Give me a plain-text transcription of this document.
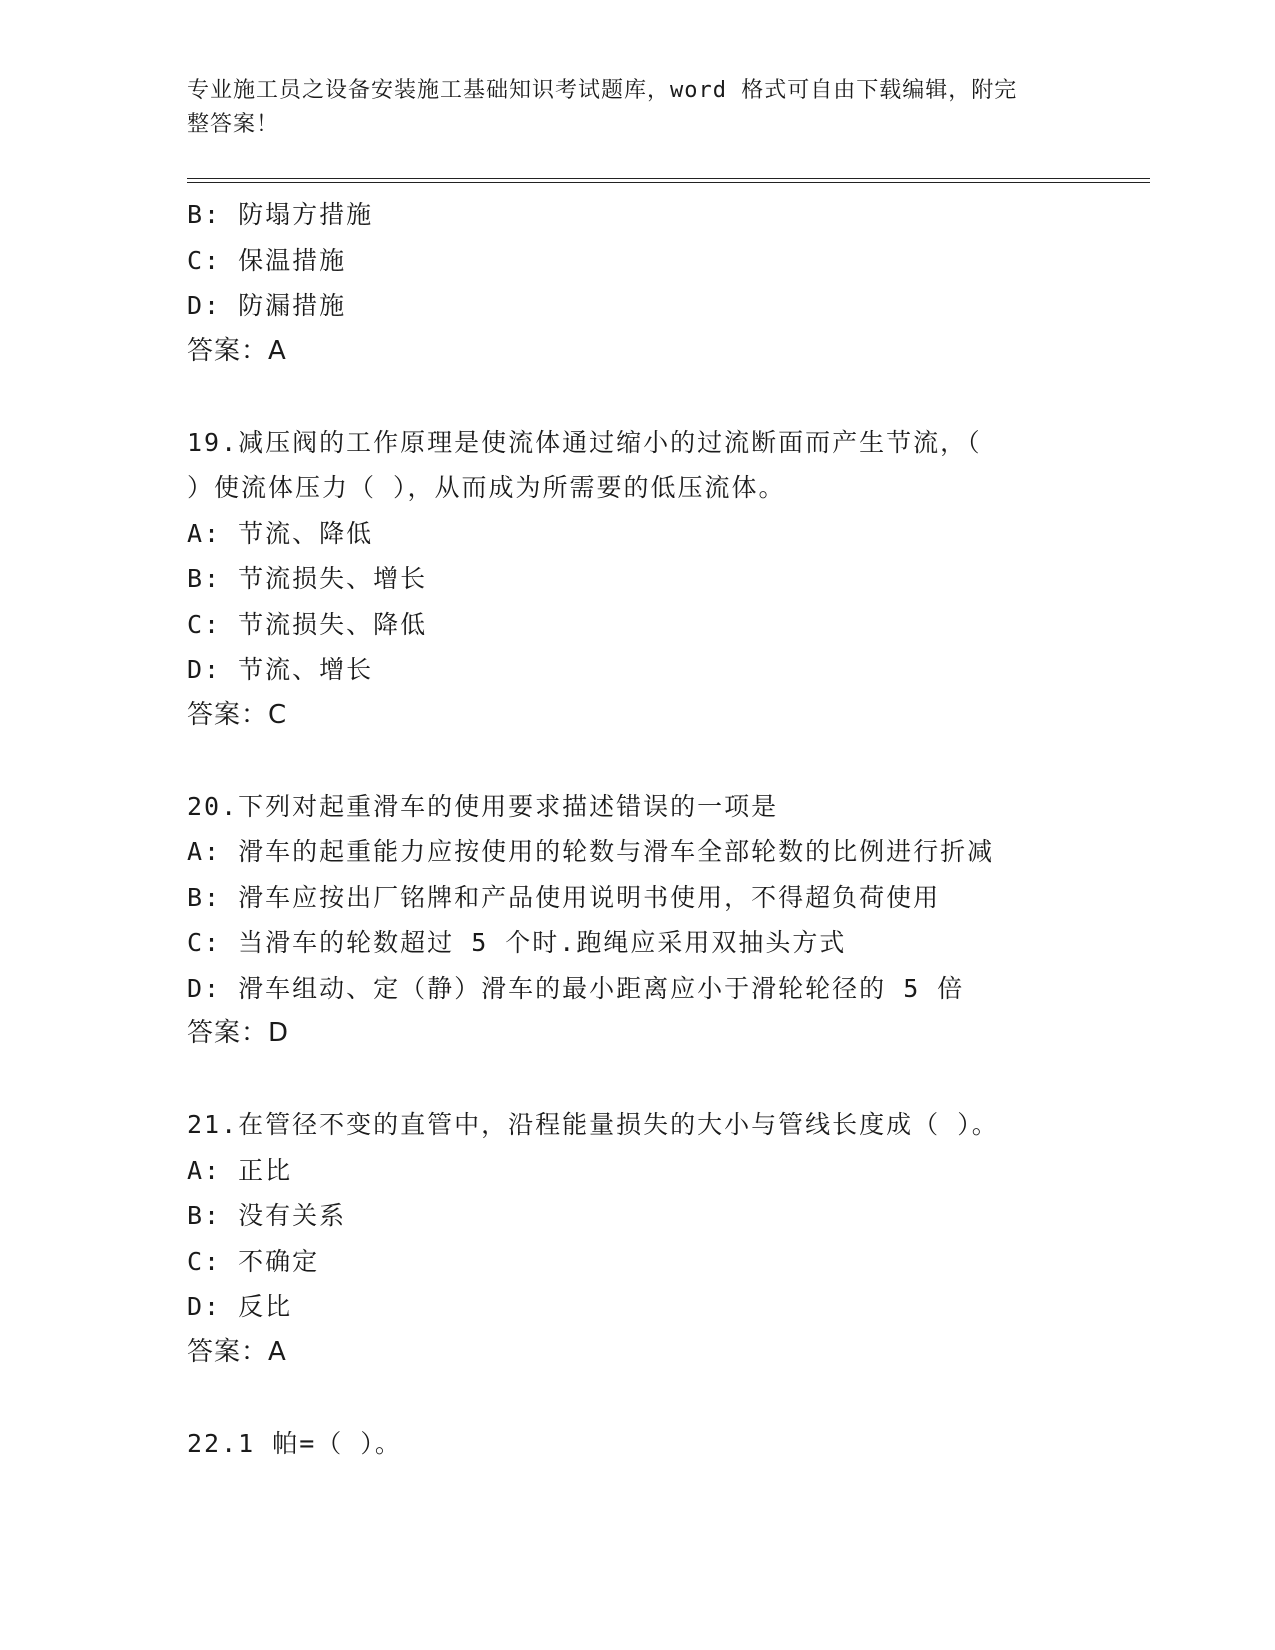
专业施工员之设备安装施工基础知识考试题库，word 格式可自由下载编辑，附完
整答案！
B: 防塌方措施
C: 保温措施
D: 防漏措施
答案：A
19.减压阀的工作原理是使流体通过缩小的过流断面而产生节流，（
）使流体压力（ ），从而成为所需要的低压流体。
A: 节流、降低
B: 节流损失、增长
C: 节流损失、降低
D: 节流、增长
答案：C
20.下列对起重滑车的使用要求描述错误的一项是
A: 滑车的起重能力应按使用的轮数与滑车全部轮数的比例进行折减
B: 滑车应按出厂铭牌和产品使用说明书使用，不得超负荷使用
C: 当滑车的轮数超过 5 个时.跑绳应采用双抽头方式
D: 滑车组动、定（静）滑车的最小距离应小于滑轮轮径的 5 倍
答案：D
21.在管径不变的直管中，沿程能量损失的大小与管线长度成（ ）。
A: 正比
B: 没有关系
C: 不确定
D: 反比
答案：A
22.1 帕=（ ）。
